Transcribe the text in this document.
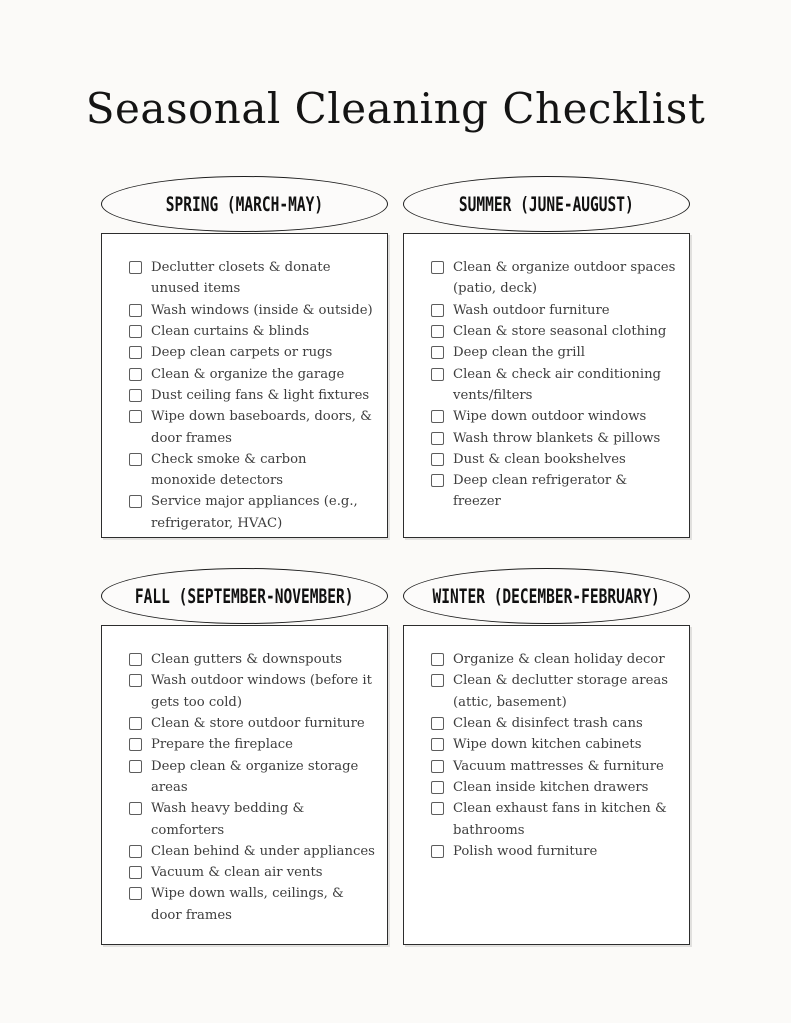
Seasonal Cleaning Checklist
SPRING (MARCH-MAY)
Declutter closets & donate unused items
Wash windows (inside & outside)
Clean curtains & blinds
Deep clean carpets or rugs
Clean & organize the garage
Dust ceiling fans & light fixtures
Wipe down baseboards, doors, & door frames
Check smoke & carbon monoxide detectors
Service major appliances (e.g., refrigerator, HVAC)
SUMMER (JUNE-AUGUST)
Clean & organize outdoor spaces (patio, deck)
Wash outdoor furniture
Clean & store seasonal clothing
Deep clean the grill
Clean & check air conditioning vents/filters
Wipe down outdoor windows
Wash throw blankets & pillows
Dust & clean bookshelves
Deep clean refrigerator & freezer
FALL (SEPTEMBER-NOVEMBER)
Clean gutters & downspouts
Wash outdoor windows (before it gets too cold)
Clean & store outdoor furniture
Prepare the fireplace
Deep clean & organize storage areas
Wash heavy bedding & comforters
Clean behind & under appliances
Vacuum & clean air vents
Wipe down walls, ceilings, & door frames
WINTER (DECEMBER-FEBRUARY)
Organize & clean holiday decor
Clean & declutter storage areas (attic, basement)
Clean & disinfect trash cans
Wipe down kitchen cabinets
Vacuum mattresses & furniture
Clean inside kitchen drawers
Clean exhaust fans in kitchen & bathrooms
Polish wood furniture
